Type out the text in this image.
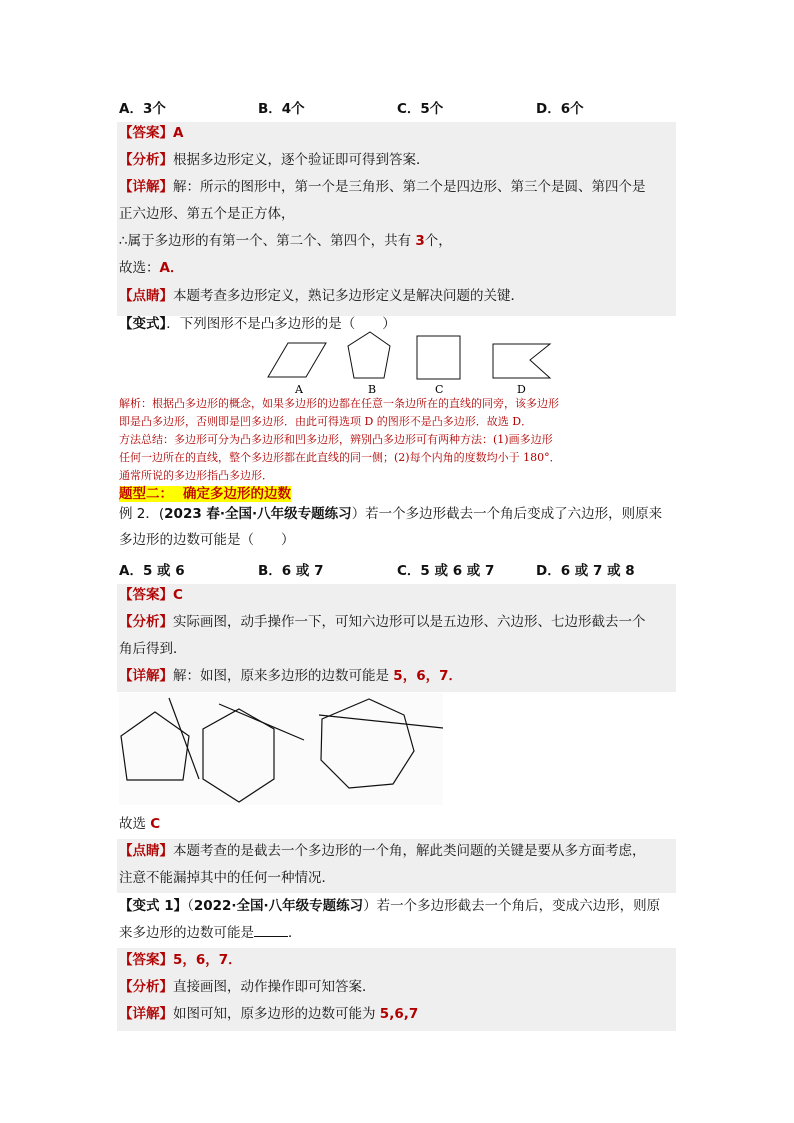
A．3个	B．4个	C．5个	D．6个
【答案】A
【分析】根据多边形定义，逐个验证即可得到答案．
【详解】解：所示的图形中，第一个是三角形、第二个是四边形、第三个是圆、第四个是
正六边形、第五个是正方体，
∴属于多边形的有第一个、第二个、第四个，共有 3个，
故选：A．
【点睛】本题考查多边形定义，熟记多边形定义是解决问题的关键．
【变式】．下列图形不是凸多边形的是（　　）
A	B	C	D
解析：根据凸多边形的概念，如果多边形的边都在任意一条边所在的直线的同旁，该多边形
即是凸多边形，否则即是凹多边形．由此可得选项 D 的图形不是凸多边形．故选 D．
方法总结：多边形可分为凸多边形和凹多边形，辨别凸多边形可有两种方法：(1)画多边形
任何一边所在的直线，整个多边形都在此直线的同一侧；(2)每个内角的度数均小于 180°．
通常所说的多边形指凸多边形．
题型二： 确定多边形的边数
例 2．(2023 春·全国·八年级专题练习）若一个多边形截去一个角后变成了六边形，则原来
多边形的边数可能是（　　）
A．5 或 6	B．6 或 7	C．5 或 6 或 7	D．6 或 7 或 8
【答案】C
【分析】实际画图，动手操作一下，可知六边形可以是五边形、六边形、七边形截去一个
角后得到．
【详解】解：如图，原来多边形的边数可能是 5，6，7．
故选 C
【点睛】本题考查的是截去一个多边形的一个角，解此类问题的关键是要从多方面考虑，
注意不能漏掉其中的任何一种情况．
【变式 1】（2022·全国·八年级专题练习）若一个多边形截去一个角后，变成六边形，则原
来多边形的边数可能是	．
【答案】5，6，7．
【分析】直接画图，动作操作即可知答案．
【详解】如图可知，原多边形的边数可能为 5,6,7
